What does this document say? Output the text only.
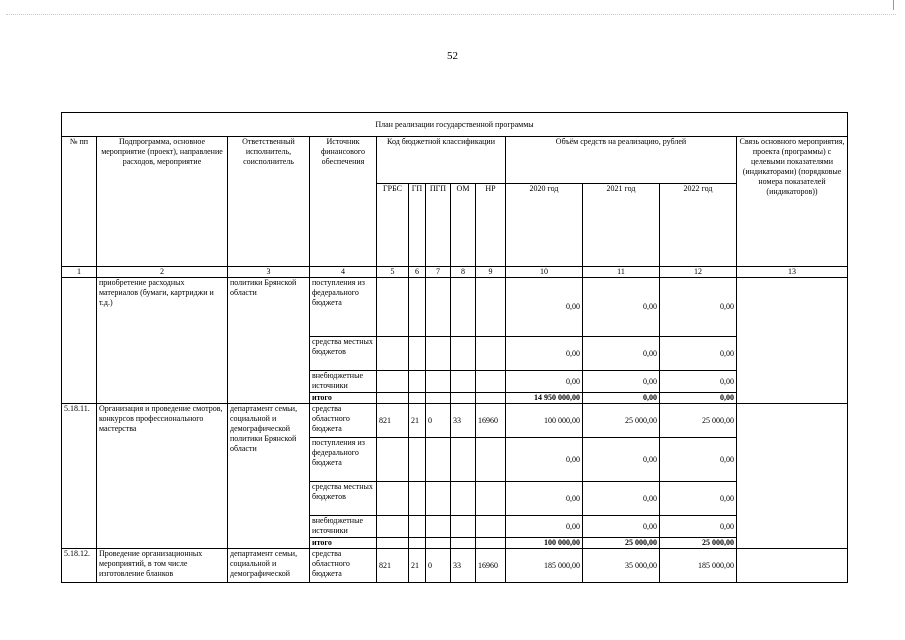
52
План реализации государственной программы												
№ пп	Подпрограмма, основное мероприятие (проект), направление расходов, мероприятие	Ответственный исполнитель, соисполнитель	Источник финансового обеспечения	Код бюджетной классификации					Объём средств на реализацию, рублей			Связь основного мероприятия, проекта (программы) с целевыми показателями (индикаторами) (порядковые номера показателей (индикаторов))
				ГРБС	ГП	ПГП	ОМ	НР	2020 год	2021 год	2022 год	
1	2	3	4	5	6	7	8	9	10	11	12	13
	приобретение расходных материалов (бумаги, картриджи и т.д.)	политики Брянской области	поступления из федерального бюджета						0,00	0,00	0,00	
			средства местных бюджетов						0,00	0,00	0,00	
			внебюджетные источники						0,00	0,00	0,00	
			итого						14 950 000,00	0,00	0,00	
5.18.11.	Организация и проведение смотров, конкурсов профессионального мастерства	департамент семьи, социальной и демографической политики Брянской области	средства областного бюджета	821	21	0	33	16960	100 000,00	25 000,00	25 000,00	
			поступления из федерального бюджета						0,00	0,00	0,00	
			средства местных бюджетов						0,00	0,00	0,00	
			внебюджетные источники						0,00	0,00	0,00	
			итого						100 000,00	25 000,00	25 000,00	
5.18.12.	Проведение организационных мероприятий, в том числе изготовление бланков	департамент семьи, социальной и демографической	средства областного бюджета	821	21	0	33	16960	185 000,00	35 000,00	185 000,00	
